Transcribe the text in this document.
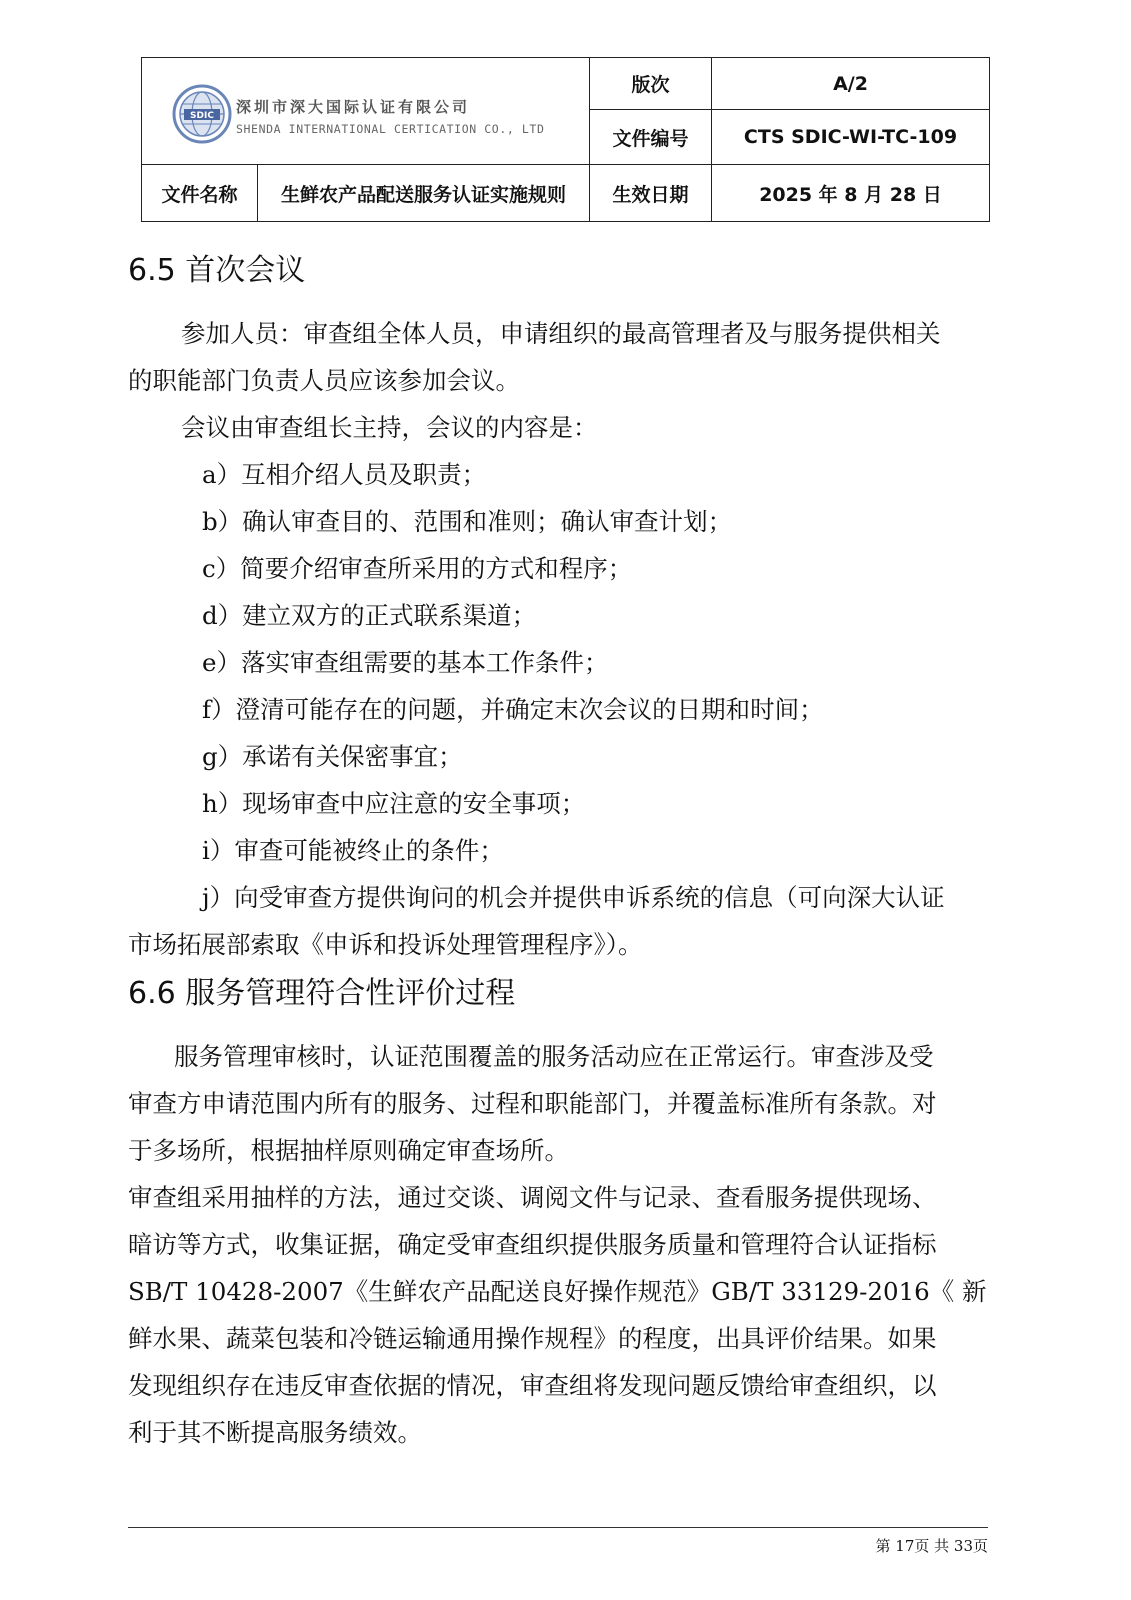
SDIC 深圳市深大国际认证有限公司
SHENDA INTERNATIONAL CERTICATION CO., LTD		版次	A/2
		文件编号	CTS SDIC-WI-TC-109
文件名称	生鲜农产品配送服务认证实施规则	生效日期	2025 年 8 月 28 日
6.5 首次会议
参加人员：审查组全体人员，申请组织的最高管理者及与服务提供相关
的职能部门负责人员应该参加会议。
会议由审查组长主持，会议的内容是：
a）互相介绍人员及职责；
b）确认审查目的、范围和准则；确认审查计划；
c）简要介绍审查所采用的方式和程序；
d）建立双方的正式联系渠道；
e）落实审查组需要的基本工作条件；
f）澄清可能存在的问题，并确定末次会议的日期和时间；
g）承诺有关保密事宜；
h）现场审查中应注意的安全事项；
i）审查可能被终止的条件；
j）向受审查方提供询问的机会并提供申诉系统的信息（可向深大认证
市场拓展部索取《申诉和投诉处理管理程序》）。
6.6 服务管理符合性评价过程
服务管理审核时，认证范围覆盖的服务活动应在正常运行。审查涉及受
审查方申请范围内所有的服务、过程和职能部门，并覆盖标准所有条款。对
于多场所，根据抽样原则确定审查场所。
审查组采用抽样的方法，通过交谈、调阅文件与记录、查看服务提供现场、
暗访等方式，收集证据，确定受审查组织提供服务质量和管理符合认证指标
SB/T 10428-2007《生鲜农产品配送良好操作规范》GB/T 33129-2016《 新
鲜水果、蔬菜包装和冷链运输通用操作规程》的程度，出具评价结果。如果
发现组织存在违反审查依据的情况，审查组将发现问题反馈给审查组织，以
利于其不断提高服务绩效。
第 17页 共 33页
